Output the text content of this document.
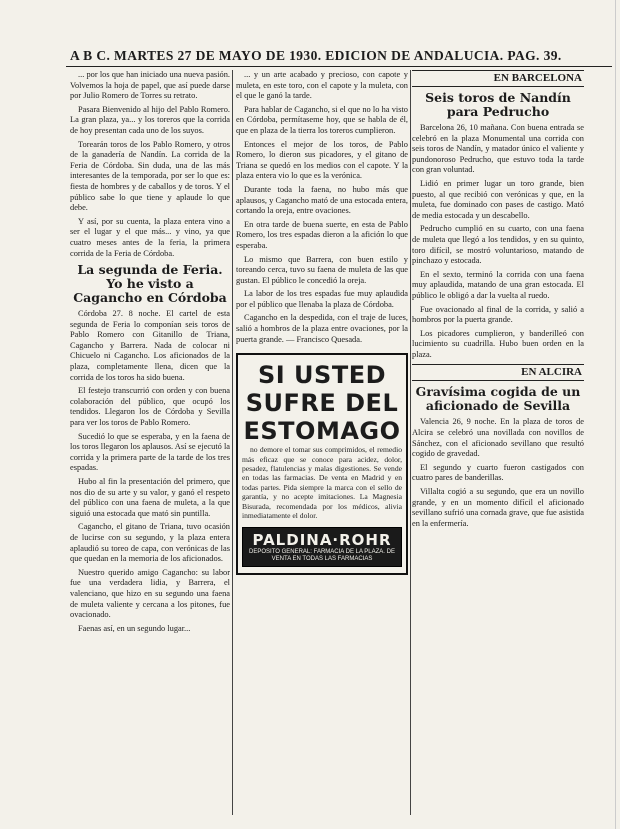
A B C. MARTES 27 DE MAYO DE 1930. EDICION DE ANDALUCIA. PAG. 39.

... por los que han iniciado una nueva pasión. Volvemos la hoja de papel, que así puede darse por Julio Romero de Torres su retrato.

Pasara Bienvenido al hijo del Pablo Romero. La gran plaza, ya... y los toreros que la corrida de hoy presentan cada uno de los suyos.

Torearán toros de los Pablo Romero, y otros de la ganadería de Nandín. La corrida de la Feria de Córdoba. Sin duda, una de las más interesantes de la temporada, por ser lo que es: fiesta de hombres y de caballos y de toros. Y el público sabe lo que tiene y aplaude lo que debe.

Y así, por su cuenta, la plaza entera vino a ser el lugar y el que más... y vino, ya que cuatro meses antes de la feria, la primera corrida de la Feria de Córdoba.

La segunda de Feria. Yo he visto a Cagancho en Córdoba

Córdoba 27. 8 noche. El cartel de esta segunda de Feria lo componían seis toros de Pablo Romero con Gitanillo de Triana, Cagancho y Barrera. Nada de colocar ni Chicuelo ni Cagancho. Los aficionados de la plaza, completamente llena, dicen que la corrida de los toros ha sido buena.

El festejo transcurrió con orden y con buena colaboración del público, que ocupó los tendidos. Llegaron los de Córdoba y Sevilla para ver los toros de Pablo Romero.

Sucedió lo que se esperaba, y en la faena de los toros llegaron los aplausos. Así se ejecutó la corrida y la primera parte de la tarde de los tres espadas.

Hubo al fin la presentación del primero, que nos dio de su arte y su valor, y ganó el respeto del público con una faena de muleta, a la que siguió una estocada que mató sin puntilla.

Cagancho, el gitano de Triana, tuvo ocasión de lucirse con su segundo, y la plaza entera aplaudió su toreo de capa, con verónicas de las que quedan en la memoria de los aficionados.

Nuestro querido amigo Cagancho: su labor fue una verdadera lidia, y Barrera, el valenciano, que hizo en su segundo una faena de muleta valiente y cercana a los pitones, fue ovacionado.

Faenas así, en un segundo lugar...

... y un arte acabado y precioso, con capote y muleta, en este toro, con el capote y la muleta, con el que le ganó la tarde.

Para hablar de Cagancho, si el que no lo ha visto en Córdoba, permítaseme hoy, que se habla de él, que en plaza de la tierra los toreros cumplieron.

Entonces el mejor de los toros, de Pablo Romero, lo dieron sus picadores, y el gitano de Triana se quedó en los medios con el capote. Y la plaza entera vio lo que es la verónica.

Durante toda la faena, no hubo más que aplausos, y Cagancho mató de una estocada entera, cortando la oreja, entre ovaciones.

En otra tarde de buena suerte, en esta de Pablo Romero, los tres espadas dieron a la afición lo que esperaba.

Lo mismo que Barrera, con buen estilo y toreando cerca, tuvo su faena de muleta de las que gustan. El público le concedió la oreja.

La labor de los tres espadas fue muy aplaudida por el público que llenaba la plaza de Córdoba.

Cagancho en la despedida, con el traje de luces, salió a hombros de la plaza entre ovaciones, por la puerta grande. — Francisco Quesada.

SI USTED SUFRE DEL ESTOMAGO

no demore el tomar sus comprimidos, el remedio más eficaz que se conoce para acidez, dolor, pesadez, flatulencias y malas digestiones. Se vende en todas las farmacias. De venta en Madrid y en todas partes. Pida siempre la marca con el sello de garantía, y no acepte imitaciones. La Magnesia Bisurada, recomendada por los médicos, alivia inmediatamente el dolor.

PALDINA·ROHR
DEPOSITO GENERAL: FARMACIA DE LA PLAZA. DE VENTA EN TODAS LAS FARMACIAS
EN BARCELONA
Seis toros de Nandín para Pedrucho

Barcelona 26, 10 mañana. Con buena entrada se celebró en la plaza Monumental una corrida con seis toros de Nandín, y matador único el valiente y pundonoroso Pedrucho, que estuvo toda la tarde con gran voluntad.

Lidió en primer lugar un toro grande, bien puesto, al que recibió con verónicas y que, en la muleta, fue dominado con pases de castigo. Mató de media estocada y un descabello.

Pedrucho cumplió en su cuarto, con una faena de muleta que llegó a los tendidos, y en su quinto, toro difícil, se mostró voluntarioso, matando de pinchazo y estocada.

En el sexto, terminó la corrida con una faena muy aplaudida, matando de una gran estocada. El público le obligó a dar la vuelta al ruedo.

Fue ovacionado al final de la corrida, y salió a hombros por la puerta grande.

Los picadores cumplieron, y banderilleó con lucimiento su cuadrilla. Hubo buen orden en la plaza.

EN ALCIRA
Gravísima cogida de un aficionado de Sevilla

Valencia 26, 9 noche. En la plaza de toros de Alcira se celebró una novillada con novillos de Sánchez, con el aficionado sevillano que resultó cogido de gravedad.

El segundo y cuarto fueron castigados con cuatro pares de banderillas.

Villalta cogió a su segundo, que era un novillo grande, y en un momento difícil el aficionado sevillano sufrió una cornada grave, que fue asistida en la enfermería.
